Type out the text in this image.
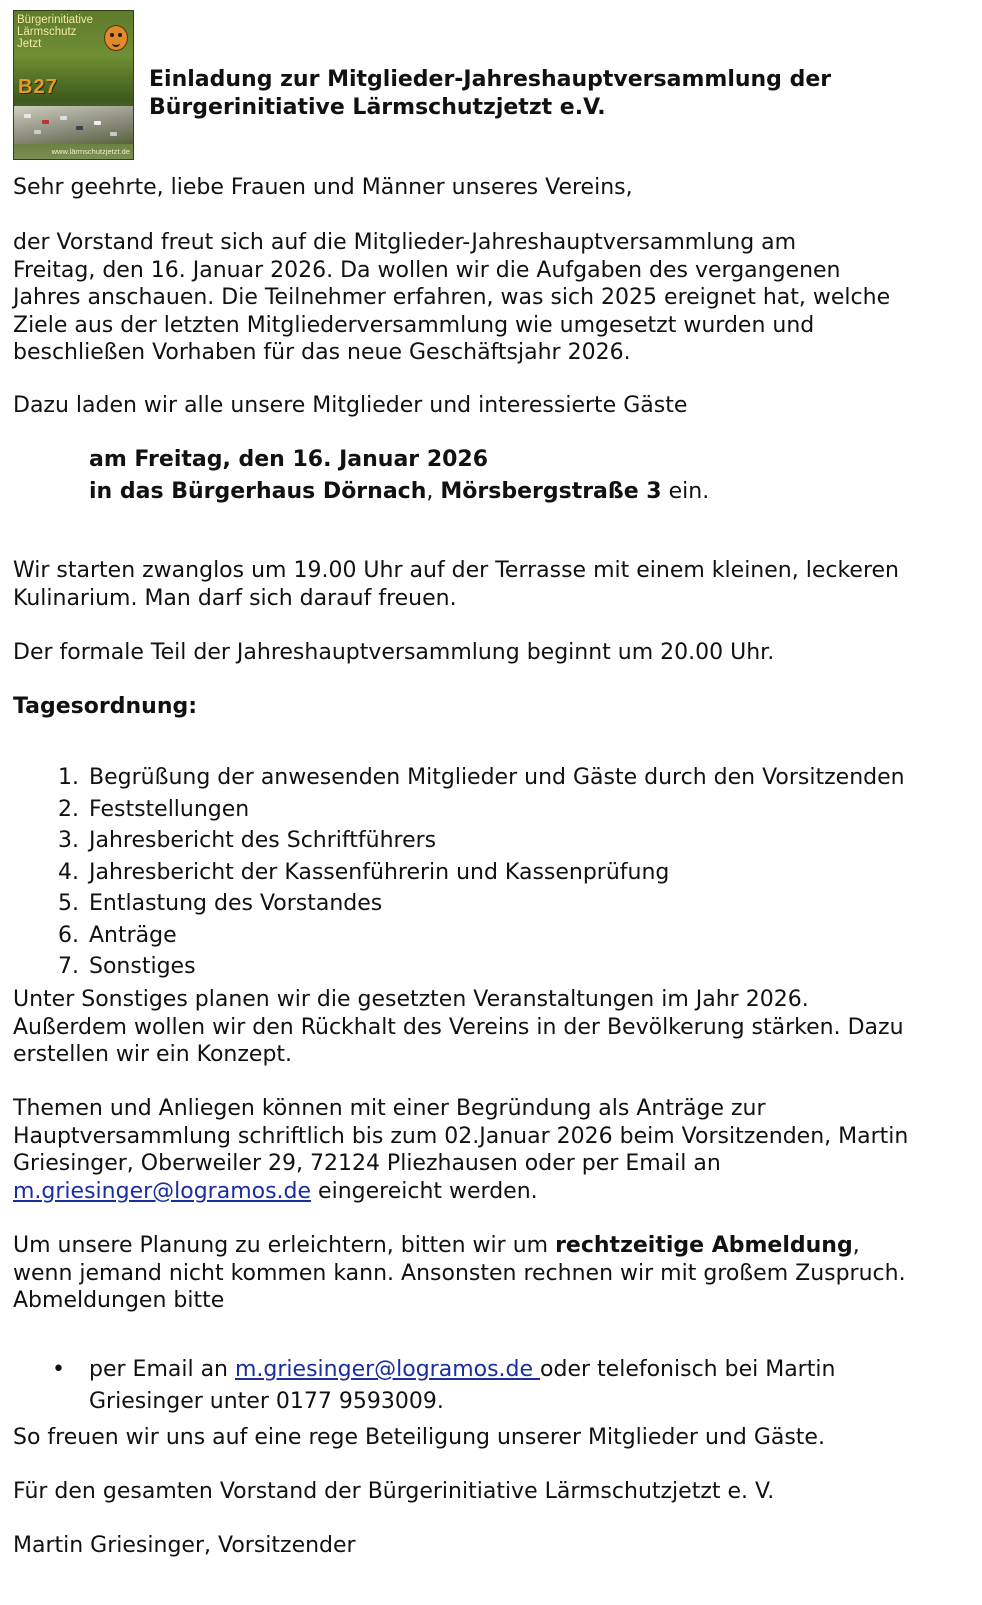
Bürgerinitiative
Lärmschutz
Jetzt
B27
www.lärmschutzjetzt.de
Einladung zur Mitglieder-Jahreshauptversammlung der
Bürgerinitiative Lärmschutzjetzt e.V.

Sehr geehrte, liebe Frauen und Männer unseres Vereins,

der Vorstand freut sich auf die Mitglieder-Jahreshauptversammlung am
Freitag, den 16. Januar 2026. Da wollen wir die Aufgaben des vergangenen
Jahres anschauen. Die Teilnehmer erfahren, was sich 2025 ereignet hat, welche
Ziele aus der letzten Mitgliederversammlung wie umgesetzt wurden und
beschließen Vorhaben für das neue Geschäftsjahr 2026.

Dazu laden wir alle unsere Mitglieder und interessierte Gäste

am Freitag, den 16. Januar 2026
in das Bürgerhaus Dörnach, Mörsbergstraße 3 ein.
Wir starten zwanglos um 19.00 Uhr auf der Terrasse mit einem kleinen, leckeren
Kulinarium. Man darf sich darauf freuen.

Der formale Teil der Jahreshauptversammlung beginnt um 20.00 Uhr.

Tagesordnung:

1. Begrüßung der anwesenden Mitglieder und Gäste durch den Vorsitzenden
2. Feststellungen
3. Jahresbericht des Schriftführers
4. Jahresbericht der Kassenführerin und Kassenprüfung
5. Entlastung des Vorstandes
6. Anträge
7. Sonstiges
Unter Sonstiges planen wir die gesetzten Veranstaltungen im Jahr 2026.
Außerdem wollen wir den Rückhalt des Vereins in der Bevölkerung stärken. Dazu
erstellen wir ein Konzept.
Themen und Anliegen können mit einer Begründung als Anträge zur
Hauptversammlung schriftlich bis zum 02.Januar 2026 beim Vorsitzenden, Martin
Griesinger, Oberweiler 29, 72124 Pliezhausen oder per Email an
m.griesinger@logramos.de eingereicht werden.
Um unsere Planung zu erleichtern, bitten wir um rechtzeitige Abmeldung,
wenn jemand nicht kommen kann. Ansonsten rechnen wir mit großem Zuspruch.
Abmeldungen bitte
• per Email an m.griesinger@logramos.de oder telefonisch bei Martin
Griesinger unter 0177 9593009.

So freuen wir uns auf eine rege Beteiligung unserer Mitglieder und Gäste.

Für den gesamten Vorstand der Bürgerinitiative Lärmschutzjetzt e. V.

Martin Griesinger, Vorsitzender
